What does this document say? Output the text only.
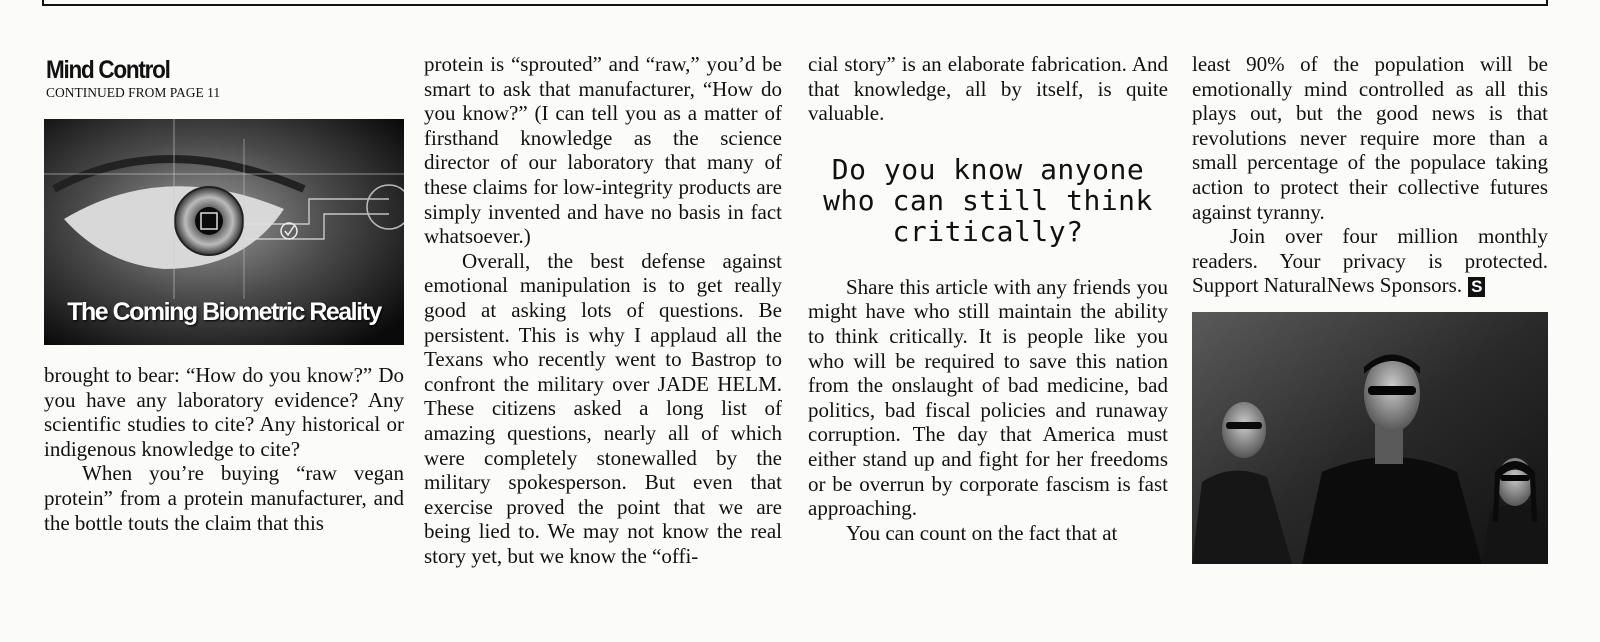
Mind Control
CONTINUED FROM PAGE 11
The Coming Biometric Reality

brought to bear: “How do you know?” Do you have any laboratory evidence? Any scientific studies to cite? Any historical or indigenous knowledge to cite?

When you’re buying “raw vegan protein” from a protein manufacturer, and the bottle touts the claim that this

protein is “sprouted” and “raw,” you’d be smart to ask that manufacturer, “How do you know?” (I can tell you as a matter of firsthand knowledge as the science director of our laboratory that many of these claims for low-integrity products are simply invented and have no basis in fact whatsoever.)

Overall, the best defense against emotional manipulation is to get really good at asking lots of questions. Be persistent. This is why I applaud all the Texans who recently went to Bastrop to confront the military over JADE HELM. These citizens asked a long list of amazing questions, nearly all of which were completely stonewalled by the military spokesperson. But even that exercise proved the point that we are being lied to. We may not know the real story yet, but we know the “offi-

cial story” is an elaborate fabrication. And that knowledge, all by itself, is quite valuable.

Do you know anyone who can still think critically?

Share this article with any friends you might have who still maintain the ability to think critically. It is people like you who will be required to save this nation from the onslaught of bad medicine, bad politics, bad fiscal policies and runaway corruption. The day that America must either stand up and fight for her freedoms or be overrun by corporate fascism is fast approaching.

You can count on the fact that at

least 90% of the population will be emotionally mind controlled as all this plays out, but the good news is that revolutions never require more than a small percentage of the populace taking action to protect their collective futures against tyranny.

Join over four million monthly readers. Your privacy is protected. Support NaturalNews Sponsors. S
